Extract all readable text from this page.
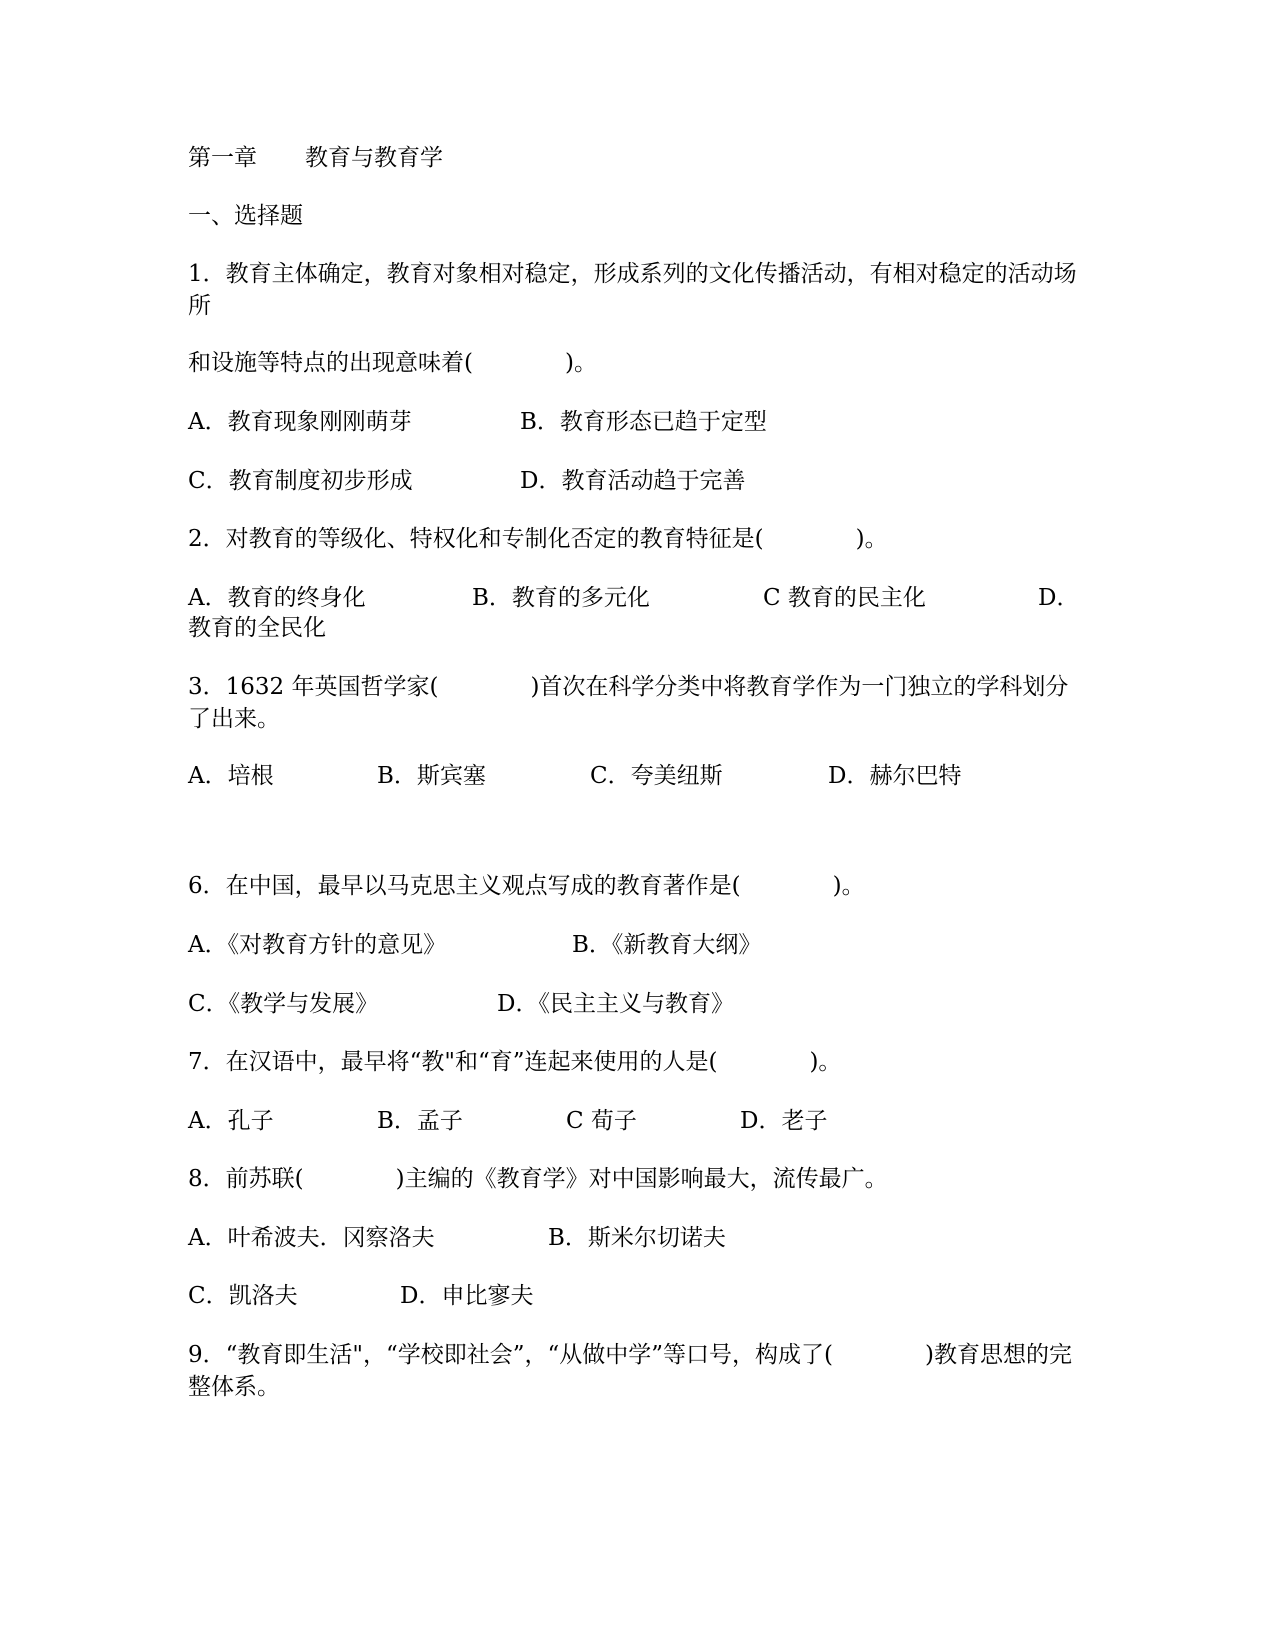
第一章 教育与教育学
一、选择题
1．教育主体确定，教育对象相对稳定，形成系列的文化传播活动，有相对稳定的活动场所
和设施等特点的出现意味着(　　　　)。
A．教育现象刚刚萌芽	B．教育形态已趋于定型
C．教育制度初步形成	D．教育活动趋于完善
2．对教育的等级化、特权化和专制化否定的教育特征是(　　　　)。
A．教育的终身化	B．教育的多元化	C 教育的民主化	D．
教育的全民化
3．1632 年英国哲学家(　　　　)首次在科学分类中将教育学作为一门独立的学科划分了出来。
A．培根	B．斯宾塞	C．夸美纽斯	D．赫尔巴特
6．在中国，最早以马克思主义观点写成的教育著作是(　　　　)。
A．《对教育方针的意见》	B．《新教育大纲》
C．《教学与发展》	D．《民主主义与教育》
7．在汉语中，最早将“教"和“育”连起来使用的人是(　　　　)。
A．孔子	B．孟子	C 荀子	D．老子
8．前苏联(　　　　)主编的《教育学》对中国影响最大，流传最广。
A．叶希波夫．冈察洛夫	B．斯米尔切诺夫
C．凯洛夫	D．申比寥夫
9．“教育即生活"，“学校即社会”，“从做中学”等口号，构成了(　　　　)教育思想的完整体系。
